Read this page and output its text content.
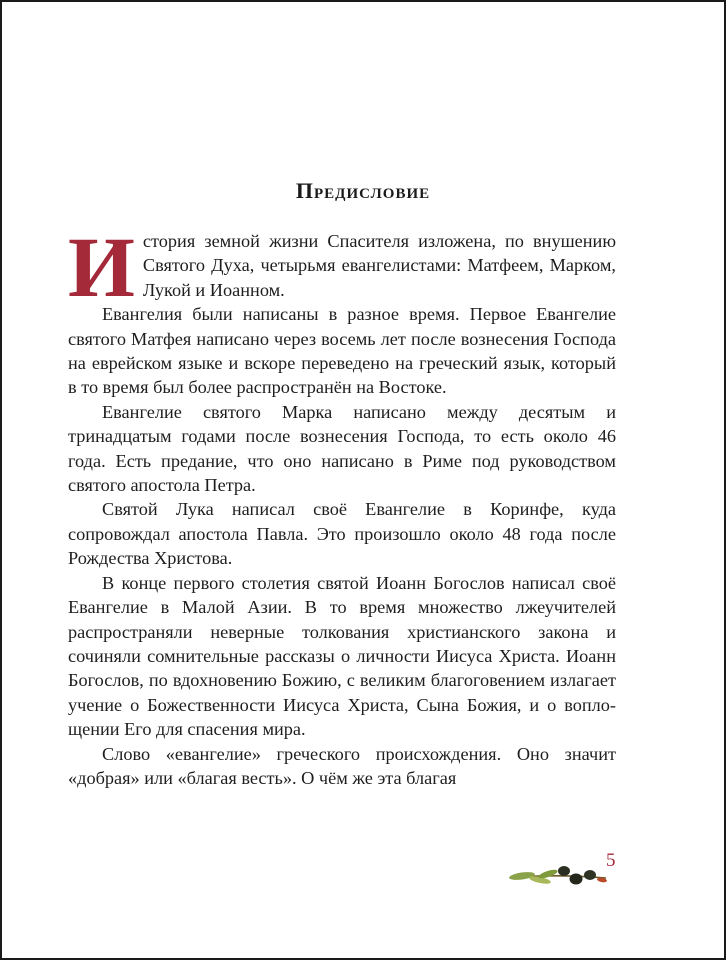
Предисловие

История земной жизни Спасителя изложена, по внушению Святого Духа, четырьмя евангелистами: Матфеем, Марком, Лукой и Иоанном.

Евангелия были написаны в разное время. Первое Евангелие святого Матфея написано через восемь лет после вознесения Господа на еврейском языке и вскоре переведено на греческий язык, который в то время был более распространён на Востоке.

Евангелие святого Марка написано между десятым и тринадцатым годами после вознесения Господа, то есть около 46 года. Есть предание, что оно написано в Риме под руководством святого апостола Петра.

Святой Лука написал своё Евангелие в Коринфе, куда сопровождал апостола Павла. Это произошло около 48 года после Рождества Христова.

В конце первого столетия святой Иоанн Богослов написал своё Евангелие в Малой Азии. В то время множество лжеучителей распространяли неверные толкования христианского закона и сочиняли сомнительные рассказы о личности Иисуса Христа. Иоанн Богослов, по вдохновению Божию, с великим благоговением излагает учение о Божественности Иисуса Христа, Сына Божия, и о воплощении Его для спасения мира.

Слово «евангелие» греческого происхождения. Оно значит «добрая» или «благая весть». О чём же эта благая

5
